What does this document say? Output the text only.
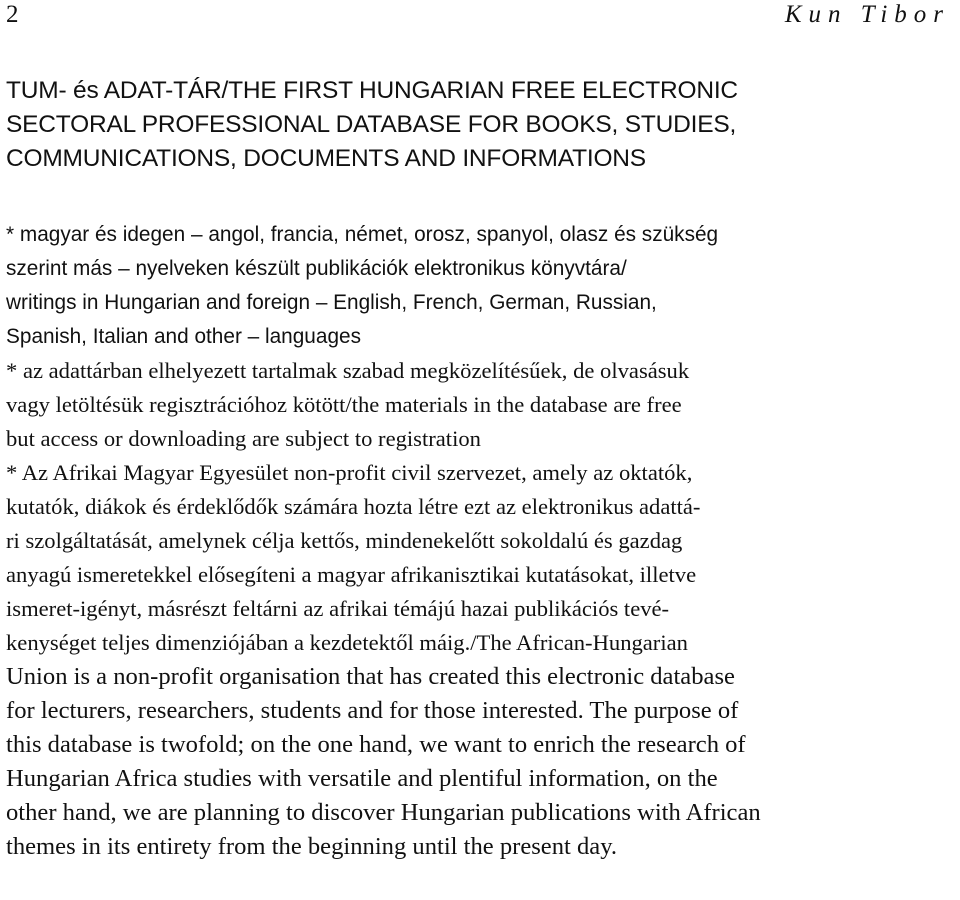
2	Kun Tibor
TUM- és ADAT-TÁR/THE FIRST HUNGARIAN FREE ELECTRONIC
SECTORAL PROFESSIONAL DATABASE FOR BOOKS, STUDIES,
COMMUNICATIONS, DOCUMENTS AND INFORMATIONS
* magyar és idegen – angol, francia, német, orosz, spanyol, olasz és szükség
szerint más – nyelveken készült publikációk elektronikus könyvtára/
writings in Hungarian and foreign – English, French, German, Russian,
Spanish, Italian and other – languages
* az adattárban elhelyezett tartalmak szabad megközelítésűek, de olvasásuk
vagy letöltésük regisztrációhoz kötött/the materials in the database are free
but access or downloading are subject to registration
* Az Afrikai Magyar Egyesület non-profit civil szervezet, amely az oktatók,
kutatók, diákok és érdeklődők számára hozta létre ezt az elektronikus adattá-
ri szolgáltatását, amelynek célja kettős, mindenekelőtt sokoldalú és gazdag
anyagú ismeretekkel elősegíteni a magyar afrikanisztikai kutatásokat, illetve
ismeret-igényt, másrészt feltárni az afrikai témájú hazai publikációs tevé-
kenységet teljes dimenziójában a kezdetektől máig./The African-Hungarian
Union is a non-profit organisation that has created this electronic database
for lecturers, researchers, students and for those interested. The purpose of
this database is twofold; on the one hand, we want to enrich the research of
Hungarian Africa studies with versatile and plentiful information, on the
other hand, we are planning to discover Hungarian publications with African
themes in its entirety from the beginning until the present day.
